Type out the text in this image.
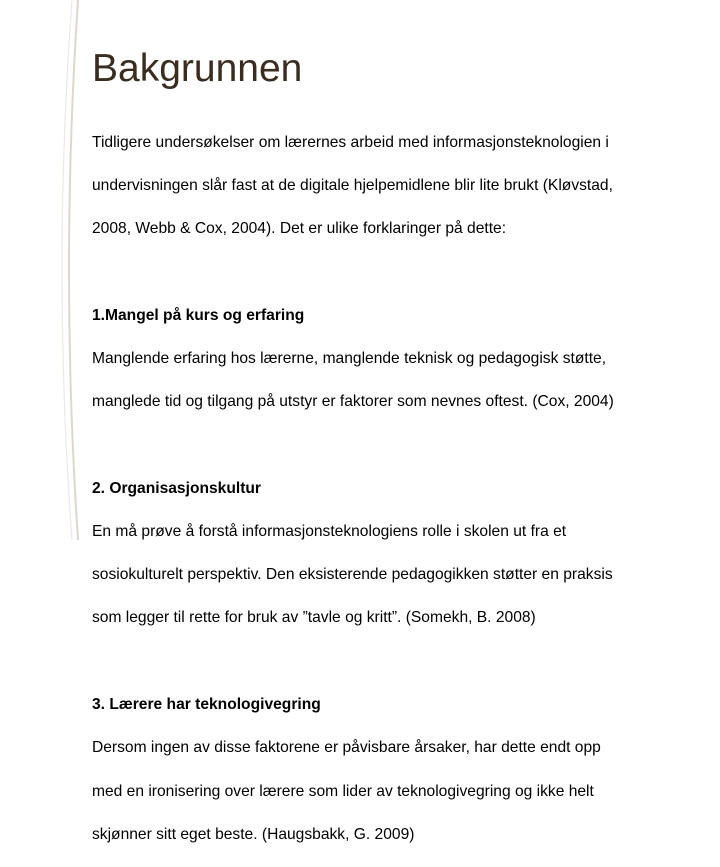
Bakgrunnen

Tidligere undersøkelser om lærernes arbeid med informasjonsteknologien i

undervisningen slår fast at de digitale hjelpemidlene blir lite brukt (Kløvstad,

2008, Webb & Cox, 2004). Det er ulike forklaringer på dette:

1.Mangel på kurs og erfaring

Manglende erfaring hos lærerne, manglende teknisk og pedagogisk støtte,

manglede tid og tilgang på utstyr er faktorer som nevnes oftest. (Cox, 2004)

2. Organisasjonskultur

En må prøve å forstå informasjonsteknologiens rolle i skolen ut fra et

sosiokulturelt perspektiv. Den eksisterende pedagogikken støtter en praksis

som legger til rette for bruk av ”tavle og kritt”. (Somekh, B. 2008)

3. Lærere har teknologivegring

Dersom ingen av disse faktorene er påvisbare årsaker, har dette endt opp

med en ironisering over lærere som lider av teknologivegring og ikke helt

skjønner sitt eget beste. (Haugsbakk, G. 2009)
